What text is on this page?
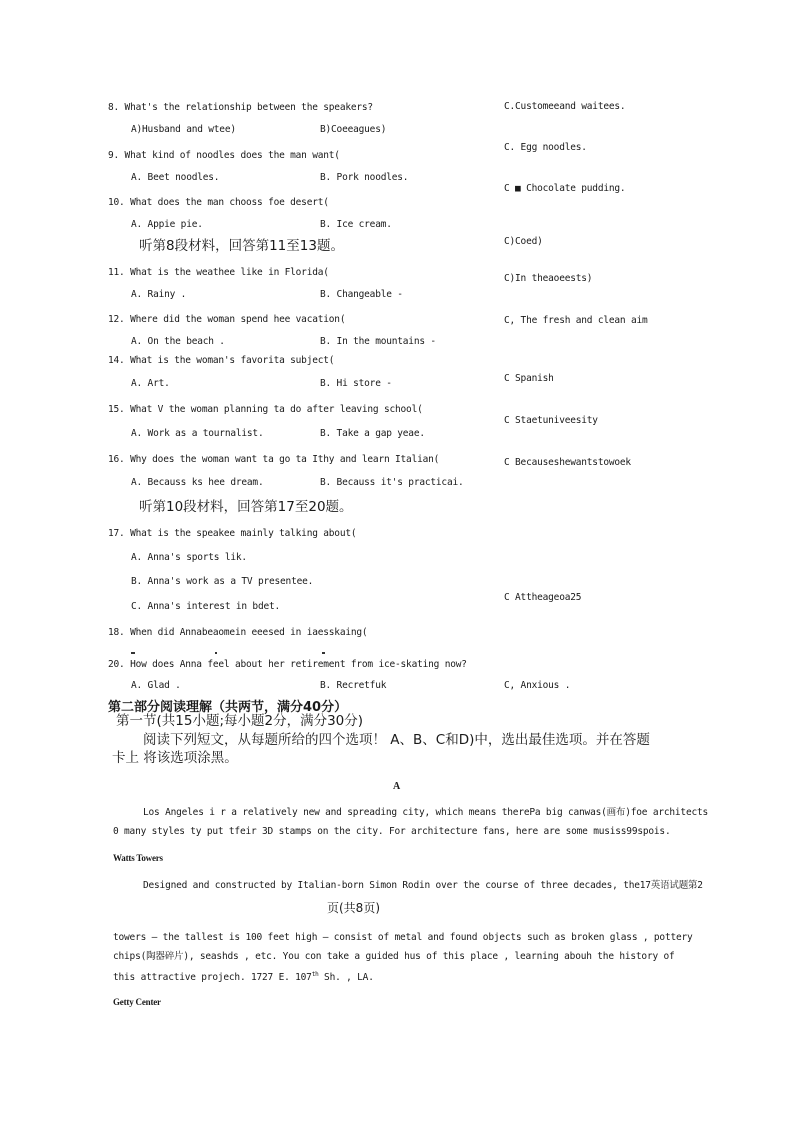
8. What's the relationship between the speakers?
A)Husband and wtee)	B)Coeeagues)
C.Customeeand waitees.
9. What kind of noodles does the man want(
A. Beet noodles.	B. Pork noodles.
C. Egg noodles.
10. What does the man chooss foe desert(
A. Appie pie.	B. Ice cream.
C ■ Chocolate pudding.
听第8段材料，回答第11至13题。	C)Coed)
11. What is the weathee like in Florida(
A. Rainy .	B. Changeable -
C)In theaoeests)
12. Where did the woman spend hee vacation(
A. On the beach .	B. In the mountains -
C, The fresh and clean aim
14. What is the woman's favorita subject(
A. Art.	B. Hi store -	C Spanish
15. What V the woman planning ta do after leaving school(
A. Work as a tournalist.	B. Take a gap yeae.
C Staetuniveesity
16. Why does the woman want ta go ta Ithy and learn Italian(
A. Becauss ks hee dream.	B. Becauss it's practicai.
C Becauseshewantstowoek
听第10段材料，回答第17至20题。
17. What is the speakee mainly talking about(
A. Anna's sports lik.
B. Anna's work as a TV presentee.
C. Anna's interest in bdet.
C Attheageoa25
18. When did Annabeaomein eeesed in iaesskaing(
20. How does Anna feel about her retirement from ice-skating now?
A. Glad .	B. Recretfuk	C, Anxious .
第二部分阅读理解（共两节，满分40分）
第一节(共15小题;每小题2分，满分30分)
阅读下列短文，从每题所给的四个选项！ A、B、C和D)中，选出最佳选项。并在答题
卡上 将该选项涂黑。
A
Los Angeles i r a relatively new and spreading city, which means therePa big canwas(画布)foe architects
0 many styles ty put tfeir 3D stamps on the city. For architecture fans, here are some musiss99spois.
Watts Towers
Designed and constructed by Italian-born Simon Rodin over the course of three decades, the17英语试题第2
页(共8页)
towers — the tallest is 100 feet high — consist of metal and found objects such as broken glass , pottery
chips(陶器碎片), seashds , etc. You con take a guided hus of this place , learning abouh the history of
this attractive projech. 1727 E. 107th Sh. , LA.
Getty Center
